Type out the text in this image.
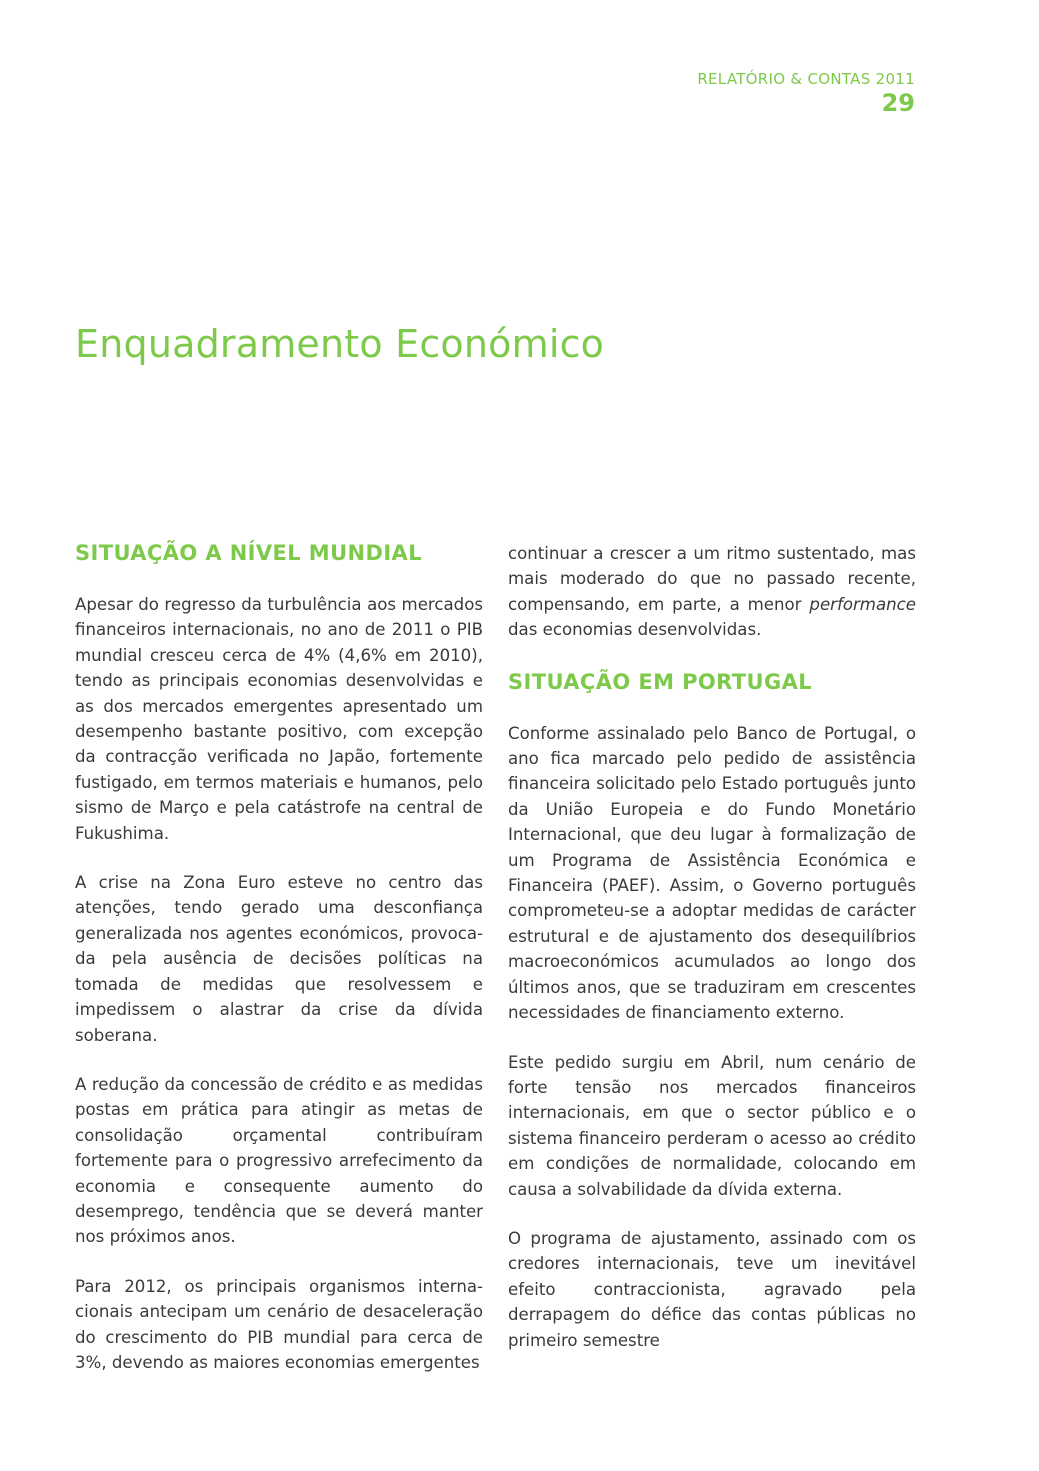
RELATÓRIO & CONTAS 2011
29
Enquadramento Económico
SITUAÇÃO A NÍVEL MUNDIAL

Apesar do regresso da turbulência aos mercados financeiros internacionais, no ano de 2011 o PIB mundial cresceu cerca de 4% (4,6% em 2010), tendo as principais economias desenvolvidas e as dos mercados emergentes apresentado um desempenho bastante positivo, com excepção da contracção verificada no Japão, fortemente fustigado, em termos materiais e humanos, pelo sismo de Março e pela catástrofe na central de Fukushima.

A crise na Zona Euro esteve no centro das atenções, tendo gerado uma desconfiança generalizada nos agentes económicos, provoca-da pela ausência de decisões políticas na tomada de medidas que resolvessem e impedissem o alastrar da crise da dívida soberana.

A redução da concessão de crédito e as medidas postas em prática para atingir as metas de consolidação orçamental contribuíram fortemente para o progressivo arrefecimento da economia e consequente aumento do desemprego, tendência que se deverá manter nos próximos anos.

Para 2012, os principais organismos interna-cionais antecipam um cenário de desaceleração do crescimento do PIB mundial para cerca de 3%, devendo as maiores economias emergentes

continuar a crescer a um ritmo sustentado, mas mais moderado do que no passado recente, compensando, em parte, a menor performance das economias desenvolvidas.

SITUAÇÃO EM PORTUGAL

Conforme assinalado pelo Banco de Portugal, o ano fica marcado pelo pedido de assistência financeira solicitado pelo Estado português junto da União Europeia e do Fundo Monetário Internacional, que deu lugar à formalização de um Programa de Assistência Económica e Financeira (PAEF). Assim, o Governo português comprometeu-se a adoptar medidas de carácter estrutural e de ajustamento dos desequilíbrios macroeconómicos acumulados ao longo dos últimos anos, que se traduziram em crescentes necessidades de financiamento externo.

Este pedido surgiu em Abril, num cenário de forte tensão nos mercados financeiros internacionais, em que o sector público e o sistema financeiro perderam o acesso ao crédito em condições de normalidade, colocando em causa a solvabilidade da dívida externa.

O programa de ajustamento, assinado com os credores internacionais, teve um inevitável efeito contraccionista, agravado pela derrapagem do défice das contas públicas no primeiro semestre
